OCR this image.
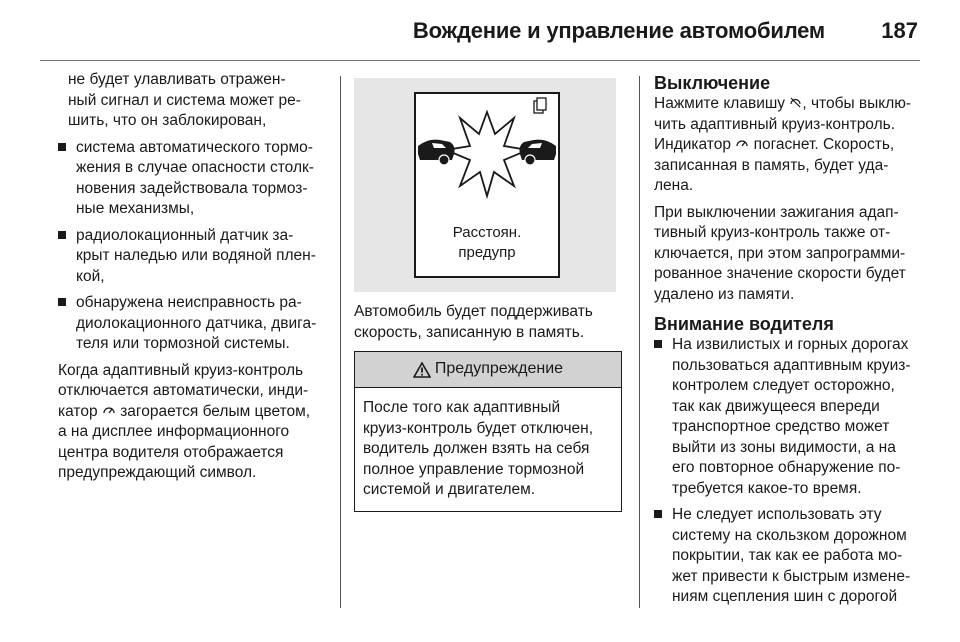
Вождение и управление автомобилем	187

не будет улавливать отражен-
ный сигнал и система может ре-
шить, что он заблокирован,

система автоматического тормо-
жения в случае опасности столк-
новения задействовала тормоз-
ные механизмы,
радиолокационный датчик за-
крыт наледью или водяной плен-
кой,
обнаружена неисправность ра-
диолокационного датчика, двига-
теля или тормозной системы.

Когда адаптивный круиз-контроль
отключается автоматически, инди-
катор загорается белым цветом,
а на дисплее информационного
центра водителя отображается
предупреждающий символ.

Расстоян.
предупр

Автомобиль будет поддерживать
скорость, записанную в память.

Предупреждение
После того как адаптивный
круиз-контроль будет отключен,
водитель должен взять на себя
полное управление тормозной
системой и двигателем.
Выключение

Нажмите клавишу , чтобы выклю-
чить адаптивный круиз-контроль.
Индикатор погаснет. Скорость,
записанная в память, будет уда-
лена.

При выключении зажигания адап-
тивный круиз-контроль также от-
ключается, при этом запрограмми-
рованное значение скорости будет
удалено из памяти.

Внимание водителя
На извилистых и горных дорогах
пользоваться адаптивным круиз-
контролем следует осторожно,
так как движущееся впереди
транспортное средство может
выйти из зоны видимости, а на
его повторное обнаружение по-
требуется какое-то время.
Не следует использовать эту
систему на скользком дорожном
покрытии, так как ее работа мо-
жет привести к быстрым измене-
ниям сцепления шин с дорогой
